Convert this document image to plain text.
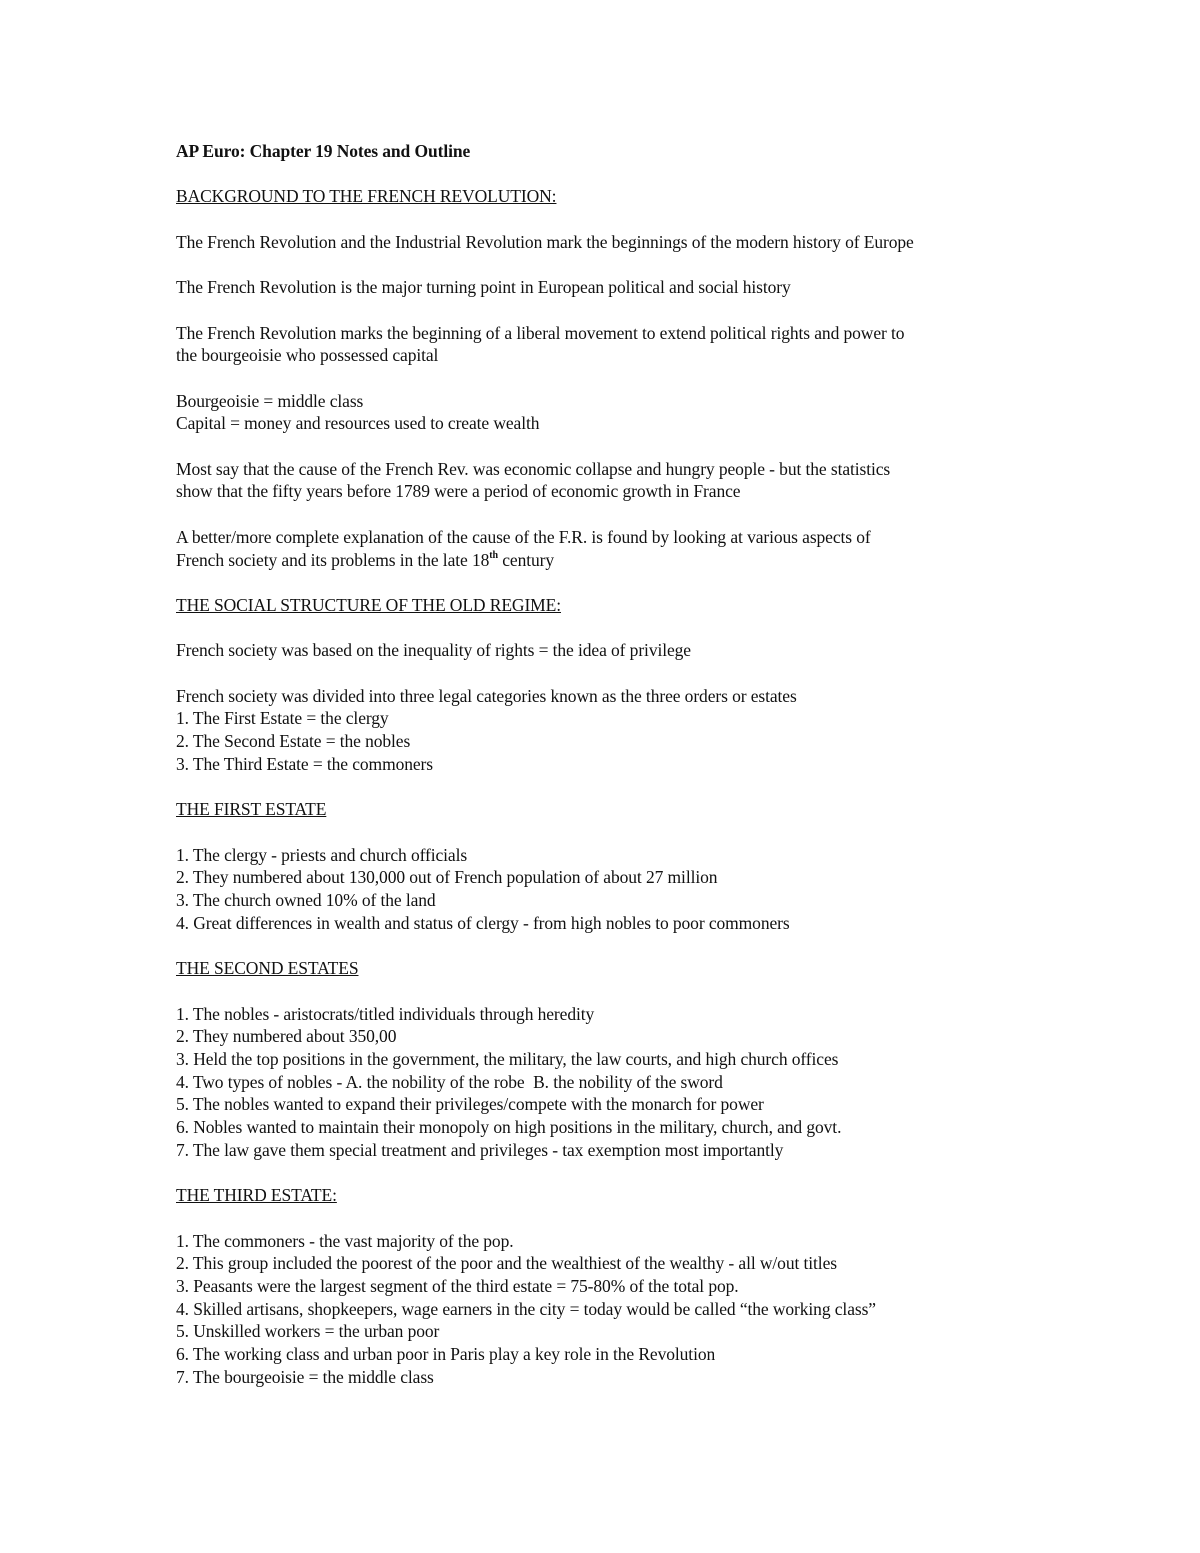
AP Euro: Chapter 19 Notes and Outline
BACKGROUND TO THE FRENCH REVOLUTION:
The French Revolution and the Industrial Revolution mark the beginnings of the modern history of Europe
The French Revolution is the major turning point in European political and social history
The French Revolution marks the beginning of a liberal movement to extend political rights and power to
the bourgeoisie who possessed capital
Bourgeoisie = middle class
Capital = money and resources used to create wealth
Most say that the cause of the French Rev. was economic collapse and hungry people - but the statistics
show that the fifty years before 1789 were a period of economic growth in France
A better/more complete explanation of the cause of the F.R. is found by looking at various aspects of
French society and its problems in the late 18th century
THE SOCIAL STRUCTURE OF THE OLD REGIME:
French society was based on the inequality of rights = the idea of privilege
French society was divided into three legal categories known as the three orders or estates
1. The First Estate = the clergy
2. The Second Estate = the nobles
3. The Third Estate = the commoners
THE FIRST ESTATE
1. The clergy - priests and church officials
2. They numbered about 130,000 out of French population of about 27 million
3. The church owned 10% of the land
4. Great differences in wealth and status of clergy - from high nobles to poor commoners
THE SECOND ESTATES
1. The nobles - aristocrats/titled individuals through heredity
2. They numbered about 350,00
3. Held the top positions in the government, the military, the law courts, and high church offices
4. Two types of nobles - A. the nobility of the robe  B. the nobility of the sword
5. The nobles wanted to expand their privileges/compete with the monarch for power
6. Nobles wanted to maintain their monopoly on high positions in the military, church, and govt.
7. The law gave them special treatment and privileges - tax exemption most importantly
THE THIRD ESTATE:
1. The commoners - the vast majority of the pop.
2. This group included the poorest of the poor and the wealthiest of the wealthy - all w/out titles
3. Peasants were the largest segment of the third estate = 75-80% of the total pop.
4. Skilled artisans, shopkeepers, wage earners in the city = today would be called “the working class”
5. Unskilled workers = the urban poor
6. The working class and urban poor in Paris play a key role in the Revolution
7. The bourgeoisie = the middle class
